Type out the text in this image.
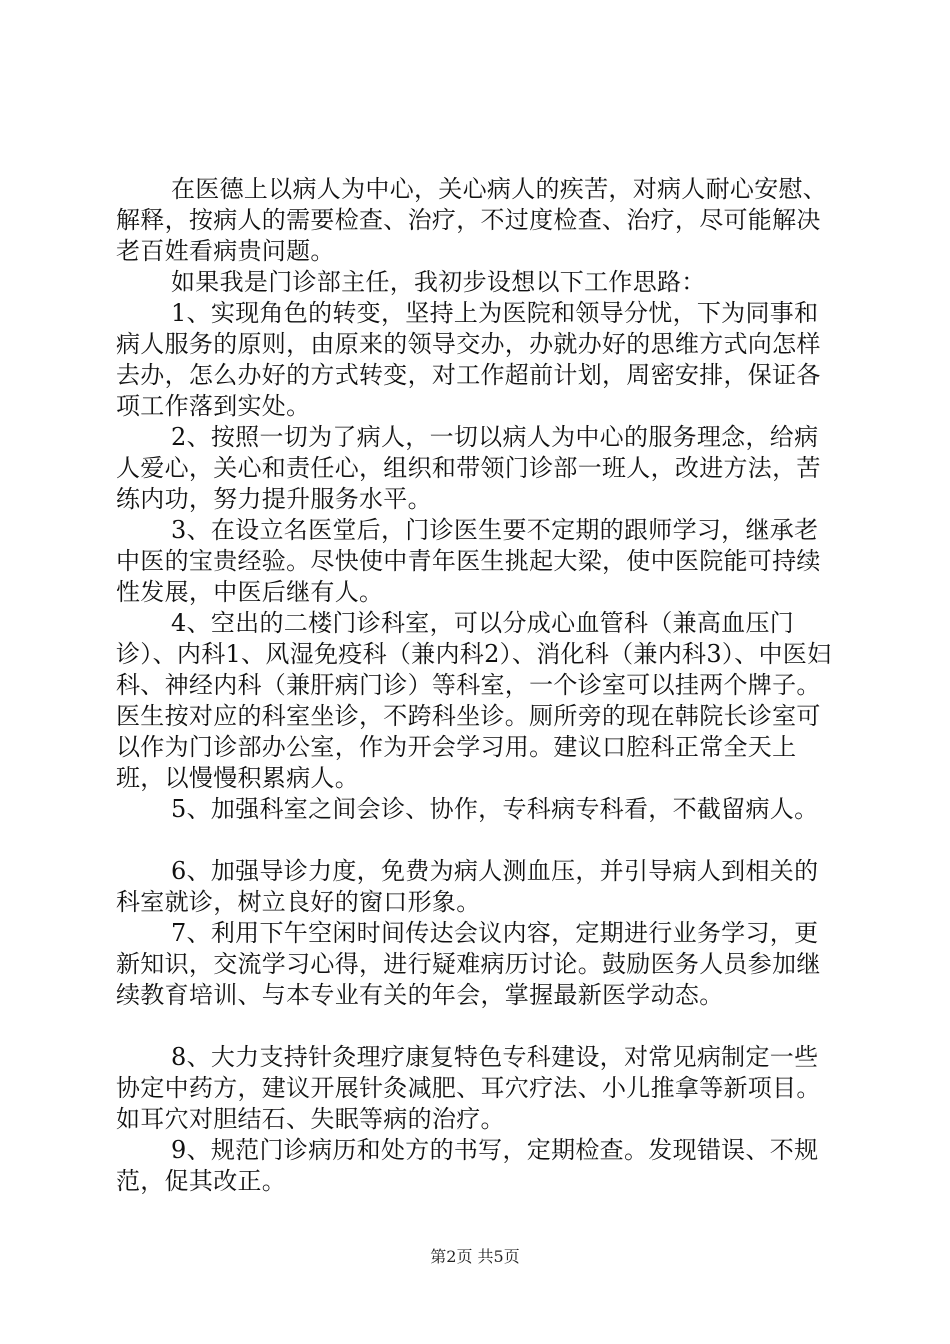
在医德上以病人为中心，关心病人的疾苦，对病人耐心安慰、解释，按病人的需要检查、治疗，不过度检查、治疗，尽可能解决老百姓看病贵问题。

如果我是门诊部主任，我初步设想以下工作思路：

1、实现角色的转变，坚持上为医院和领导分忧，下为同事和病人服务的原则，由原来的领导交办，办就办好的思维方式向怎样去办，怎么办好的方式转变，对工作超前计划，周密安排，保证各项工作落到实处。

2、按照一切为了病人，一切以病人为中心的服务理念，给病人爱心，关心和责任心，组织和带领门诊部一班人，改进方法，苦练内功，努力提升服务水平。

3、在设立名医堂后，门诊医生要不定期的跟师学习，继承老中医的宝贵经验。尽快使中青年医生挑起大梁，使中医院能可持续性发展，中医后继有人。

4、空出的二楼门诊科室，可以分成心血管科（兼高血压门诊）、内科1、风湿免疫科（兼内科2）、消化科（兼内科3）、中医妇科、神经内科（兼肝病门诊）等科室，一个诊室可以挂两个牌子。医生按对应的科室坐诊，不跨科坐诊。厕所旁的现在韩院长诊室可以作为门诊部办公室，作为开会学习用。建议口腔科正常全天上班，以慢慢积累病人。

5、加强科室之间会诊、协作，专科病专科看，不截留病人。

6、加强导诊力度，免费为病人测血压，并引导病人到相关的科室就诊，树立良好的窗口形象。

7、利用下午空闲时间传达会议内容，定期进行业务学习，更新知识，交流学习心得，进行疑难病历讨论。鼓励医务人员参加继续教育培训、与本专业有关的年会，掌握最新医学动态。

8、大力支持针灸理疗康复特色专科建设，对常见病制定一些协定中药方，建议开展针灸减肥、耳穴疗法、小儿推拿等新项目。如耳穴对胆结石、失眠等病的治疗。

9、规范门诊病历和处方的书写，定期检查。发现错误、不规范，促其改正。

第2页 共5页
